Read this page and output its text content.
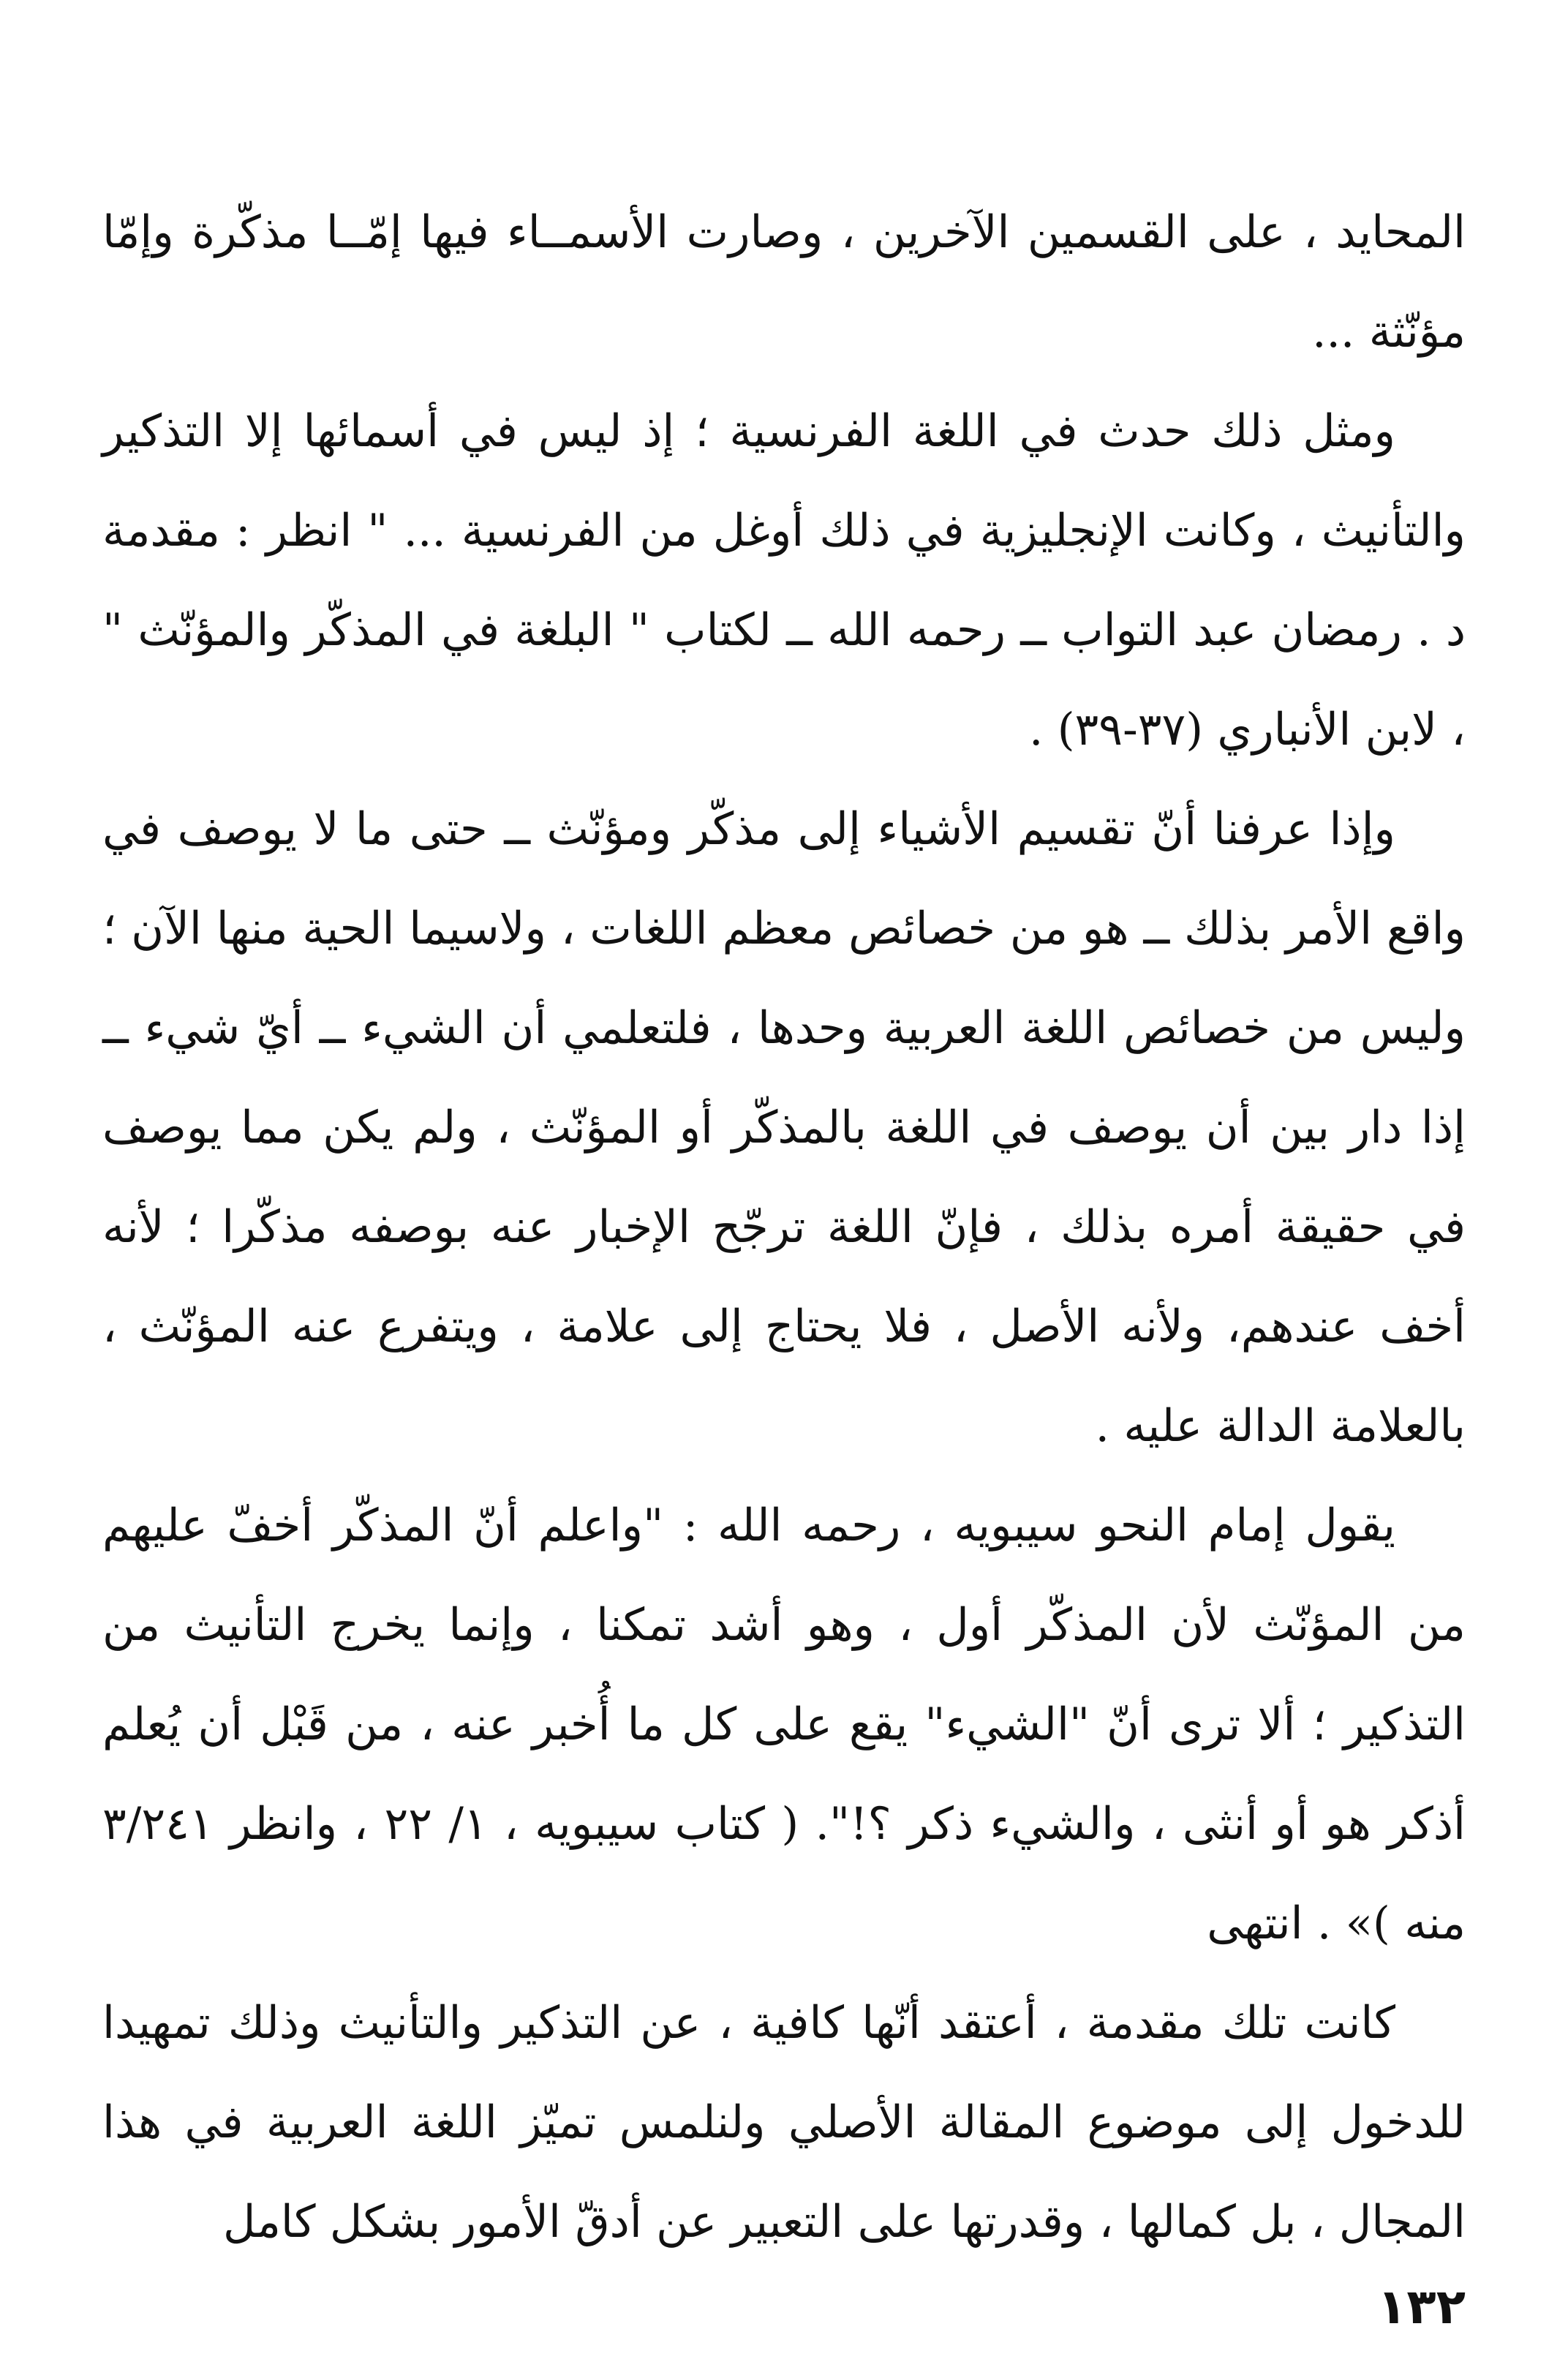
المحايد ، على القسمين الآخرين ، وصارت الأسمــاء فيها إمّــا مذكّرة وإمّا مؤنّثة ...

ومثل ذلك حدث في اللغة الفرنسية ؛ إذ ليس في أسمائها إلا التذكير والتأنيث ، وكانت الإنجليزية في ذلك أوغل من الفرنسية ... " انظر : مقدمة د . رمضان عبد التواب ــ رحمه الله ــ لكتاب " البلغة في المذكّر والمؤنّث " ، لابن الأنباري (٣٧-٣٩) .

وإذا عرفنا أنّ تقسيم الأشياء إلى مذكّر ومؤنّث ــ حتى ما لا يوصف في واقع الأمر بذلك ــ هو من خصائص معظم اللغات ، ولاسيما الحية منها الآن ؛ وليس من خصائص اللغة العربية وحدها ، فلتعلمي أن الشيء ــ أيّ شيء ــ إذا دار بين أن يوصف في اللغة بالمذكّر أو المؤنّث ، ولم يكن مما يوصف في حقيقة أمره بذلك ، فإنّ اللغة ترجّح الإخبار عنه بوصفه مذكّرا ؛ لأنه أخف عندهم، ولأنه الأصل ، فلا يحتاج إلى علامة ، ويتفرع عنه المؤنّث ، بالعلامة الدالة عليه .

يقول إمام النحو سيبويه ، رحمه الله : "واعلم أنّ المذكّر أخفّ عليهم من المؤنّث لأن المذكّر أول ، وهو أشد تمكنا ، وإنما يخرج التأنيث من التذكير ؛ ألا ترى أنّ "الشيء" يقع على كل ما أُخبر عنه ، من قَبْل أن يُعلم أذكر هو أو أنثى ، والشيء ذكر ؟!". ( كتاب سيبويه ، ١/ ٢٢ ، وانظر ٣/٢٤١ منه )» . انتهى

كانت تلك مقدمة ، أعتقد أنّها كافية ، عن التذكير والتأنيث وذلك تمهيدا للدخول إلى موضوع المقالة الأصلي ولنلمس تميّز اللغة العربية في هذا المجال ، بل كمالها ، وقدرتها على التعبير عن أدقّ الأمور بشكل كامل

١٣٢
